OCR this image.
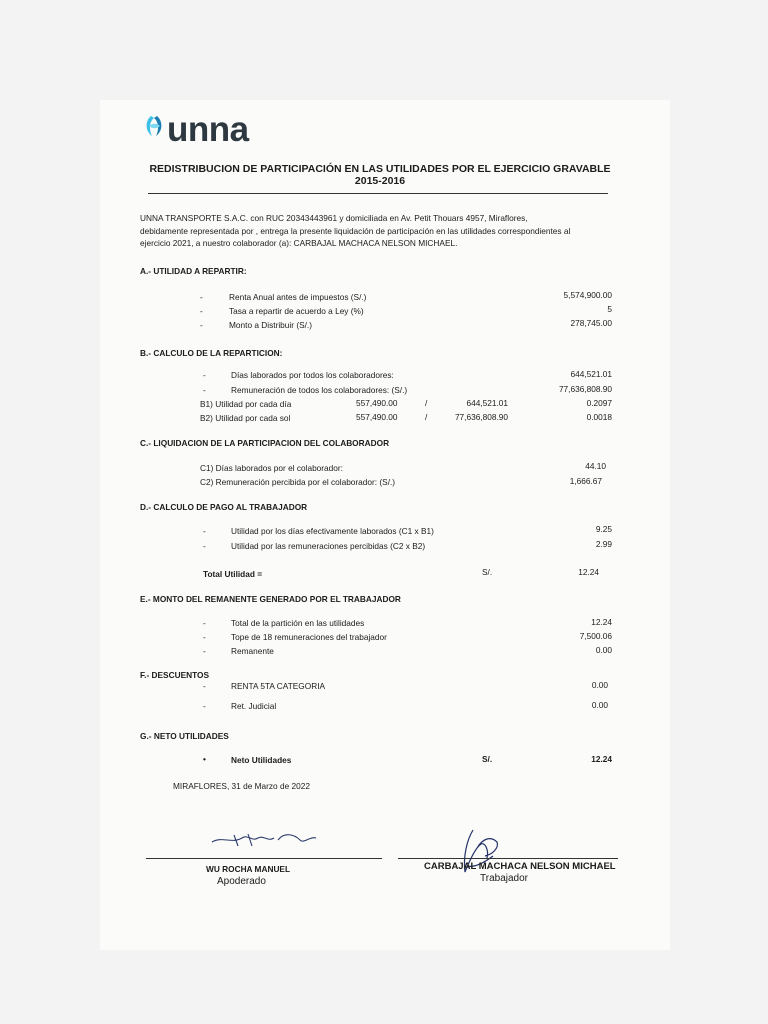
unna
REDISTRIBUCION DE PARTICIPACIÓN EN LAS UTILIDADES POR EL EJERCICIO GRAVABLE
2015-2016
UNNA TRANSPORTE S.A.C. con RUC 20343443961 y domiciliada en Av. Petit Thouars 4957, Miraflores,
debidamente representada por , entrega la presente liquidación de participación en las utilidades correspondientes al
ejercicio 2021, a nuestro colaborador (a): CARBAJAL MACHACA NELSON MICHAEL.
A.- UTILIDAD A REPARTIR:
-	Renta Anual antes de impuestos (S/.)	5,574,900.00
-	Tasa a repartir de acuerdo a Ley (%)	5
-	Monto a Distribuir (S/.)	278,745.00
B.- CALCULO DE LA REPARTICION:
-	Días laborados por todos los colaboradores:	644,521.01
-	Remuneración de todos los colaboradores: (S/.)	77,636,808.90
B1) Utilidad por cada día	557,490.00	/	644,521.01	0.2097
B2) Utilidad por cada sol	557,490.00	/	77,636,808.90	0.0018
C.- LIQUIDACION DE LA PARTICIPACION DEL COLABORADOR
C1) Días laborados por el colaborador:	44.10
C2) Remuneración percibida por el colaborador: (S/.)	1,666.67
D.- CALCULO DE PAGO AL TRABAJADOR
-	Utilidad por los días efectivamente laborados (C1 x B1)	9.25
-	Utilidad por las remuneraciones percibidas (C2 x B2)	2.99
Total Utilidad =	S/.	12.24
E.- MONTO DEL REMANENTE GENERADO POR EL TRABAJADOR
-	Total de la partición en las utilidades	12.24
-	Tope de 18 remuneraciones del trabajador	7,500.06
-	Remanente	0.00
F.- DESCUENTOS
-	RENTA 5TA CATEGORIA	0.00
-	Ret. Judicial	0.00
G.- NETO UTILIDADES
•	Neto Utilidades	S/.	12.24
MIRAFLORES, 31 de Marzo de 2022
WU ROCHA MANUEL
Apoderado
CARBAJAL MACHACA NELSON MICHAEL
Trabajador
